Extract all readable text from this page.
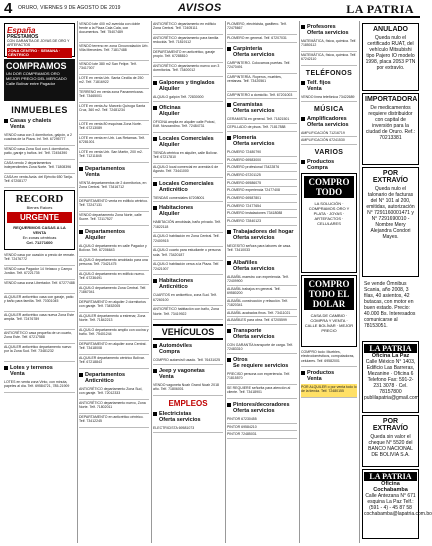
4 ORURO, VIERNES 9 DE AGOSTO DE 2019	AVISOS	LA PATRIA
España
PRESTAMOS
CON GARANTÍA DE JOYAS DE ORO Y ARTEFACTOS
ZONA CENTRO · SEMANA · CÉNTRICO
COMPRAMOS
UN DOR COMPRAMOS ORO
MEJOR PRECIO DEL MERCADO
Calle Bolívar entre Pagador
INMUEBLES
Casas y chalets
Venta
VENDO casa con 3 dormitorios, galpón, a 2 cuadras de la Plaza. Inf. Telf. 67295777
VENDO casa Zona Sud con 4 dormitorios, patio, garaje y baños. Inf. Telf. 72454390
CASA vendo 2 departamentos independientes Zona Norte. Telf. 71808396
CASA en venta Avda. del Ejército 650 Tarija. Telf. 67208177
RECORD
Bienes Raíces
URGENTE
REQUERIMOS CASAS A LA VENTA
En zonas céntricas
Cel. 71271600
VENDO casa por ocasión a precio de remate. Telf. 72476772
VENDO casa Pagador 14 Velasco y Campo Jordán. Telf. 67221735
VENDO casa zona Libertador. Telf. 67277488
ALQUILER anticrético casa con garaje, patio y baño para familia. Telf. 70301045
ALQUILER anticrético casa nueva Zona Este amplia. Telf. 72476789
ANTICRÉTICO casa pequeña de un cuarto, Zona Este. Telf. 67217588
ALQUILER anticrético departamento nuevo por la Zona Sud. Telf. 73481232
Lotes y terrenos
Venta
LOTES en venta zona Vinto, con minuta, papeles al día. Telf. 69584721, 785-21909
VENDO lote 400 m2 avenida con doble frente a la Plaza Cala Cala, con documentos. Telf. 75407489
VENDO terreno en zona Circunvalación Urb. Villa Mercedes. Telf. 71817488
VENDO lote 380 m2 San Felipe. Telf. 73417007
LOTE en venta Urb. Santa Cecilia de 250 m2. Telf. 71816922
TERRENO en venta zona Panamericana. Telf. 73465001
LOTE en venta Av. Marcelo Quiroga Santa Cruz, 360 m2. Telf. 72481234
LOTE en venta 80 esquinas Zona Norte. Telf. 67213089
LOTE en venta en Urb. Las Retamas. Telf. 67281001
LOTE en venta Urb. San Martín, 200 m2. Telf. 71211845
Departamentos
Venta
VENTA departamentos de 2 dormitorios, en Zona Central. Telf. 73416712
DEPARTAMENTO venta en edificio céntrico. Telf. 72247131
VENDO departamento Zona Norte, calle Sucre. Telf. 72117527
Departamentos
Alquiler
ALQUILO departamento en calle Pagador y Bolívar. Telf. 67206643
ALQUILO departamento amoblado para una persona. Telf. 73421475
ALQUILO departamento en edificio nuevo. Telf. 67236491
ALQUILO departamento Zona Central. Telf. 71867041
DEPARTAMENTO en alquiler 2 dormitorios con garaje. Telf. 73452005
ALQUILER departamento a estrenar, Zona Norte. Telf. 71842213
ALQUILO departamento amplio con cocina y baño. Telf. 75401244
DEPARTAMENTO en alquiler zona Central. Telf. 73418008
ALQUILER departamento céntrico Bolívar. Telf. 67218843
Departamentos
Anticrético
ANTICRÉTICO departamento Zona Sud, con garaje. Telf. 72012333
ANTICRÉTICO departamento nuevo, Zona Norte. Telf. 71802011
DEPARTAMENTO en anticrético céntrico. Telf. 73412245
ANTICRÉTICO departamento en edificio Zona Central. Telf. 72405111
ANTICRÉTICO departamento para familia reducida. Telf. 71819112
DEPARTAMENTO en anticrético, garaje propio. Telf. 67288810
ANTICRÉTICO departamento nuevo con 3 dormitorios. Telf. 73400012
Galpones y tinglados
Alquiler
ALQUILO galpón Telf. 72830000
Oficinas
Alquiler
OFICINA amplia en alquiler calle Potosí, Edif. Novoandino. Telf. 72484731
Locales Comerciales
Alquiler
TIENDA céntrica en alquiler, calle Bolívar. Telf. 67217810
ALQUILO local comercial en avenida 6 de Agosto. Telf. 73441000
Locales Comerciales
Anticrético
TIENDAS comerciales 67208001
Habitaciones
Alquiler
HABITACIÓN amoblada, baño privado. Telf. 71822118
ALQUILO habitación en Zona Central. Telf. 72400915
ALQUILO cuarto para estudiante o persona sola. Telf. 73420187
ALQUILO habitación cerca a la Plaza. Telf. 72421007
Habitaciones
Anticrético
CUARTOS en anticrético, zona Sud. Telf. 67260100
ANTICRÉTICO habitación con baño, Zona Norte. Telf. 73419922
VEHÍCULOS
Automóviles
Compra
COMPRO automóvil usado. Telf. 76431025
Jeep y vagonetas
Venta
VENDO vagoneta Noah Grand Noah 2018 año. Telf. 71806001
EMPLEOS
Electricistas
Oferta servicios
ELECTRICISTA 69581073
PLOMERO, electricista, gasfitero. Telf. 72475667
PLOMERO en general. Telf. 67207031
Carpintería
Oferta servicios
CARPINTERO. Colocamos puertas. Telf. 72470491
CARPINTERÍA. Roperos, muebles, ventanas. Telf. 73420561
CARPINTERO a domicilio. Telf. 67201003
Ceramistas
Oferta servicios
CERAMISTA en general. Telf. 71821501
CEPILLADO de pisos. Telf. 71817888
Plomería
Oferta servicios
PLOMERO 72480790
PLOMERO 69583000
PLOMERO profesional 73422876
PLOMERO 67201125
PLOMERO 69586075
PLOMERO experiencia 72477408
PLOMERO 69587801
PLOMERO 72477654
PLOMERO instalaciones 73418088
PLOMERO 72840123
Trabajadores del hogar
Oferta servicios
NECESITO señora para labores de casa. Telf. 73410033
Albañiles
Oferta servicios
ALBAÑIL maestro con experiencia. Telf. 72409900
ALBAÑIL trabajos en general. Telf. 69580200
ALBAÑIL construcción y refacción. Telf. 71820341
ALBAÑIL acabados finos. Telf. 73411021
ALBAÑILES para obra. Telf. 67205599
Transporte
Oferta servicios
CON GARANTÍA transporte de carga. Telf. 72483310
Otros
Se requiere servicios
PRECISO persona con experiencia. Telf. 71815570
SE REQUIERE señorita para atención al cliente. Telf. 73418901
Pintores/decoradores
Oferta servicios
PINTOR 67230455
PINTOR 69584210
PINTOR 72485031
Profesores
Oferta servicios
MATEMÁTICA, física, química. Telf. 71850112
MATEMÁTICA, física, química. Telf. 67242110
TELÉFONOS
Telf. fijos
Venta
VENDO línea telefónica 73422689
MÚSICA
Amplificadores
Oferta servicios
AMPLIFICACIÓN 71216719
AMPLIFICACIÓN 67241530
VARIOS
Productos
Compra
COMPRO TODO
LA SOLUCIÓN · COMPRAMOS ORO Y PLATA · JOYAS · ARTEFACTOS · CELULARES
COMPRO TODO EL DOLAR
CASA DE CAMBIO · COMPRA Y VENTA · CALLE BOLÍVAR · MEJOR PRECIO
COMPRO todo: Muebles, electrodomésticos, computadoras, celulares. Telf. 69582001
Productos
Venta
POR ALQUILER o por venta todo lo de la tienda. Telf. 72480155
ANULADO
Queda nulo el certificado RUAT, del vehículo Mitsubishi tipo Pajero IO modelo 1998, placa 2053 PTN por extravío.
IMPORTADORA
De medicamentos requiere distribuidor con capital de inversión para la ciudad de Oruro. Ref.: 70213381
POR EXTRAVÍO
Queda nulo el talonario de facturas del N° 101 al 200, emitidas, autorización N° 7291160001471 y N° 7291690010 - Nombre Mery Alejandra Condori Mayes.
Se vende Ómnibus Scania, año 2008, 3 filas, 40 asientos, 42 butacas, con motor en buen estado. Precio: 40.000 Bs. Interesados comunicarse al 78153051.
LA PATRIA
Oficina La Paz
Calle México N° 1403, Edificio Las Barreras, Mezanine · Oficina 6 Telefono Fax: 591-2-231 3078 · Cel. 78157800 publilapatria@gmail.com
POR EXTRAVÍO
Queda sin valor el cheque N° 5520 del BANCO NACIONAL DE BOLIVIA S.A.
LA PATRIA
Oficina Cochabamba
Calle Antezana N° 671 esquina La Paz Telf.: (591 - 4) - 45 87 58 cochabamba@lapatria.com.bo
